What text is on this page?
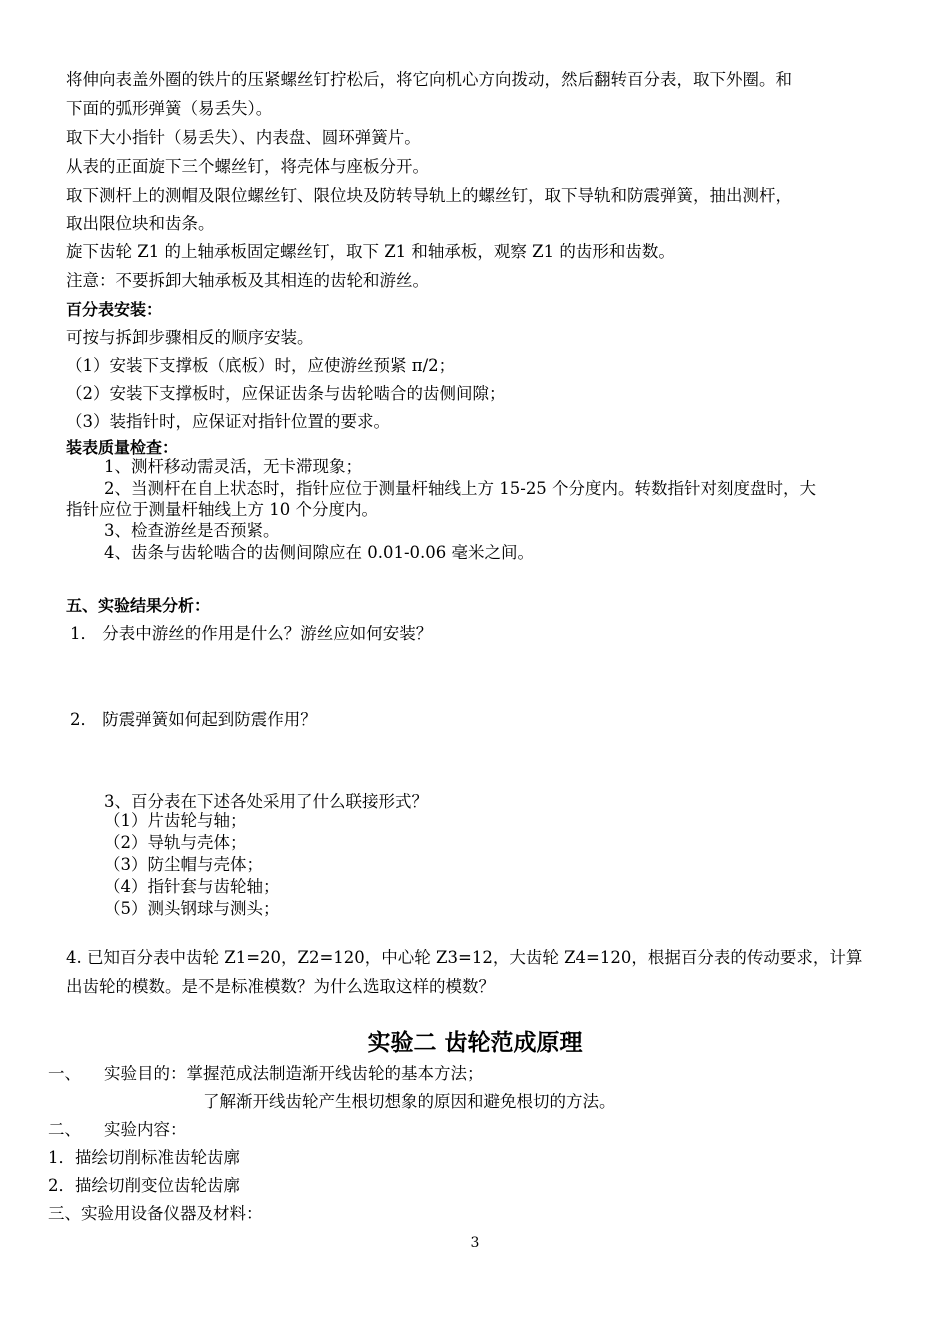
将伸向表盖外圈的铁片的压紧螺丝钉拧松后，将它向机心方向拨动，然后翻转百分表，取下外圈。和
下面的弧形弹簧（易丢失）。
取下大小指针（易丢失）、内表盘、圆环弹簧片。
从表的正面旋下三个螺丝钉，将壳体与座板分开。
取下测杆上的测帽及限位螺丝钉、限位块及防转导轨上的螺丝钉，取下导轨和防震弹簧，抽出测杆，
取出限位块和齿条。
旋下齿轮 Z1 的上轴承板固定螺丝钉，取下 Z1 和轴承板，观察 Z1 的齿形和齿数。
注意：不要拆卸大轴承板及其相连的齿轮和游丝。
百分表安装：
可按与拆卸步骤相反的顺序安装。
（1）安装下支撑板（底板）时，应使游丝预紧 π/2；
（2）安装下支撑板时，应保证齿条与齿轮啮合的齿侧间隙；
（3）装指针时，应保证对指针位置的要求。
装表质量检查：
1、测杆移动需灵活，无卡滞现象；
2、当测杆在自上状态时，指针应位于测量杆轴线上方 15-25 个分度内。转数指针对刻度盘时，大
指针应位于测量杆轴线上方 10 个分度内。
3、检查游丝是否预紧。
4、齿条与齿轮啮合的齿侧间隙应在 0.01-0.06 毫米之间。
五、实验结果分析：
1． 分表中游丝的作用是什么？游丝应如何安装？
2． 防震弹簧如何起到防震作用？
3、百分表在下述各处采用了什么联接形式？
（1）片齿轮与轴；
（2）导轨与壳体；
（3）防尘帽与壳体；
（4）指针套与齿轮轴；
（5）测头钢球与测头；
4. 已知百分表中齿轮 Z1=20，Z2=120，中心轮 Z3=12，大齿轮 Z4=120，根据百分表的传动要求，计算
出齿轮的模数。是不是标准模数？为什么选取这样的模数？
实验二 齿轮范成原理
一、 实验目的：掌握范成法制造渐开线齿轮的基本方法；
了解渐开线齿轮产生根切想象的原因和避免根切的方法。
二、 实验内容：
1．描绘切削标准齿轮齿廓
2．描绘切削变位齿轮齿廓
三、实验用设备仪器及材料：
3
